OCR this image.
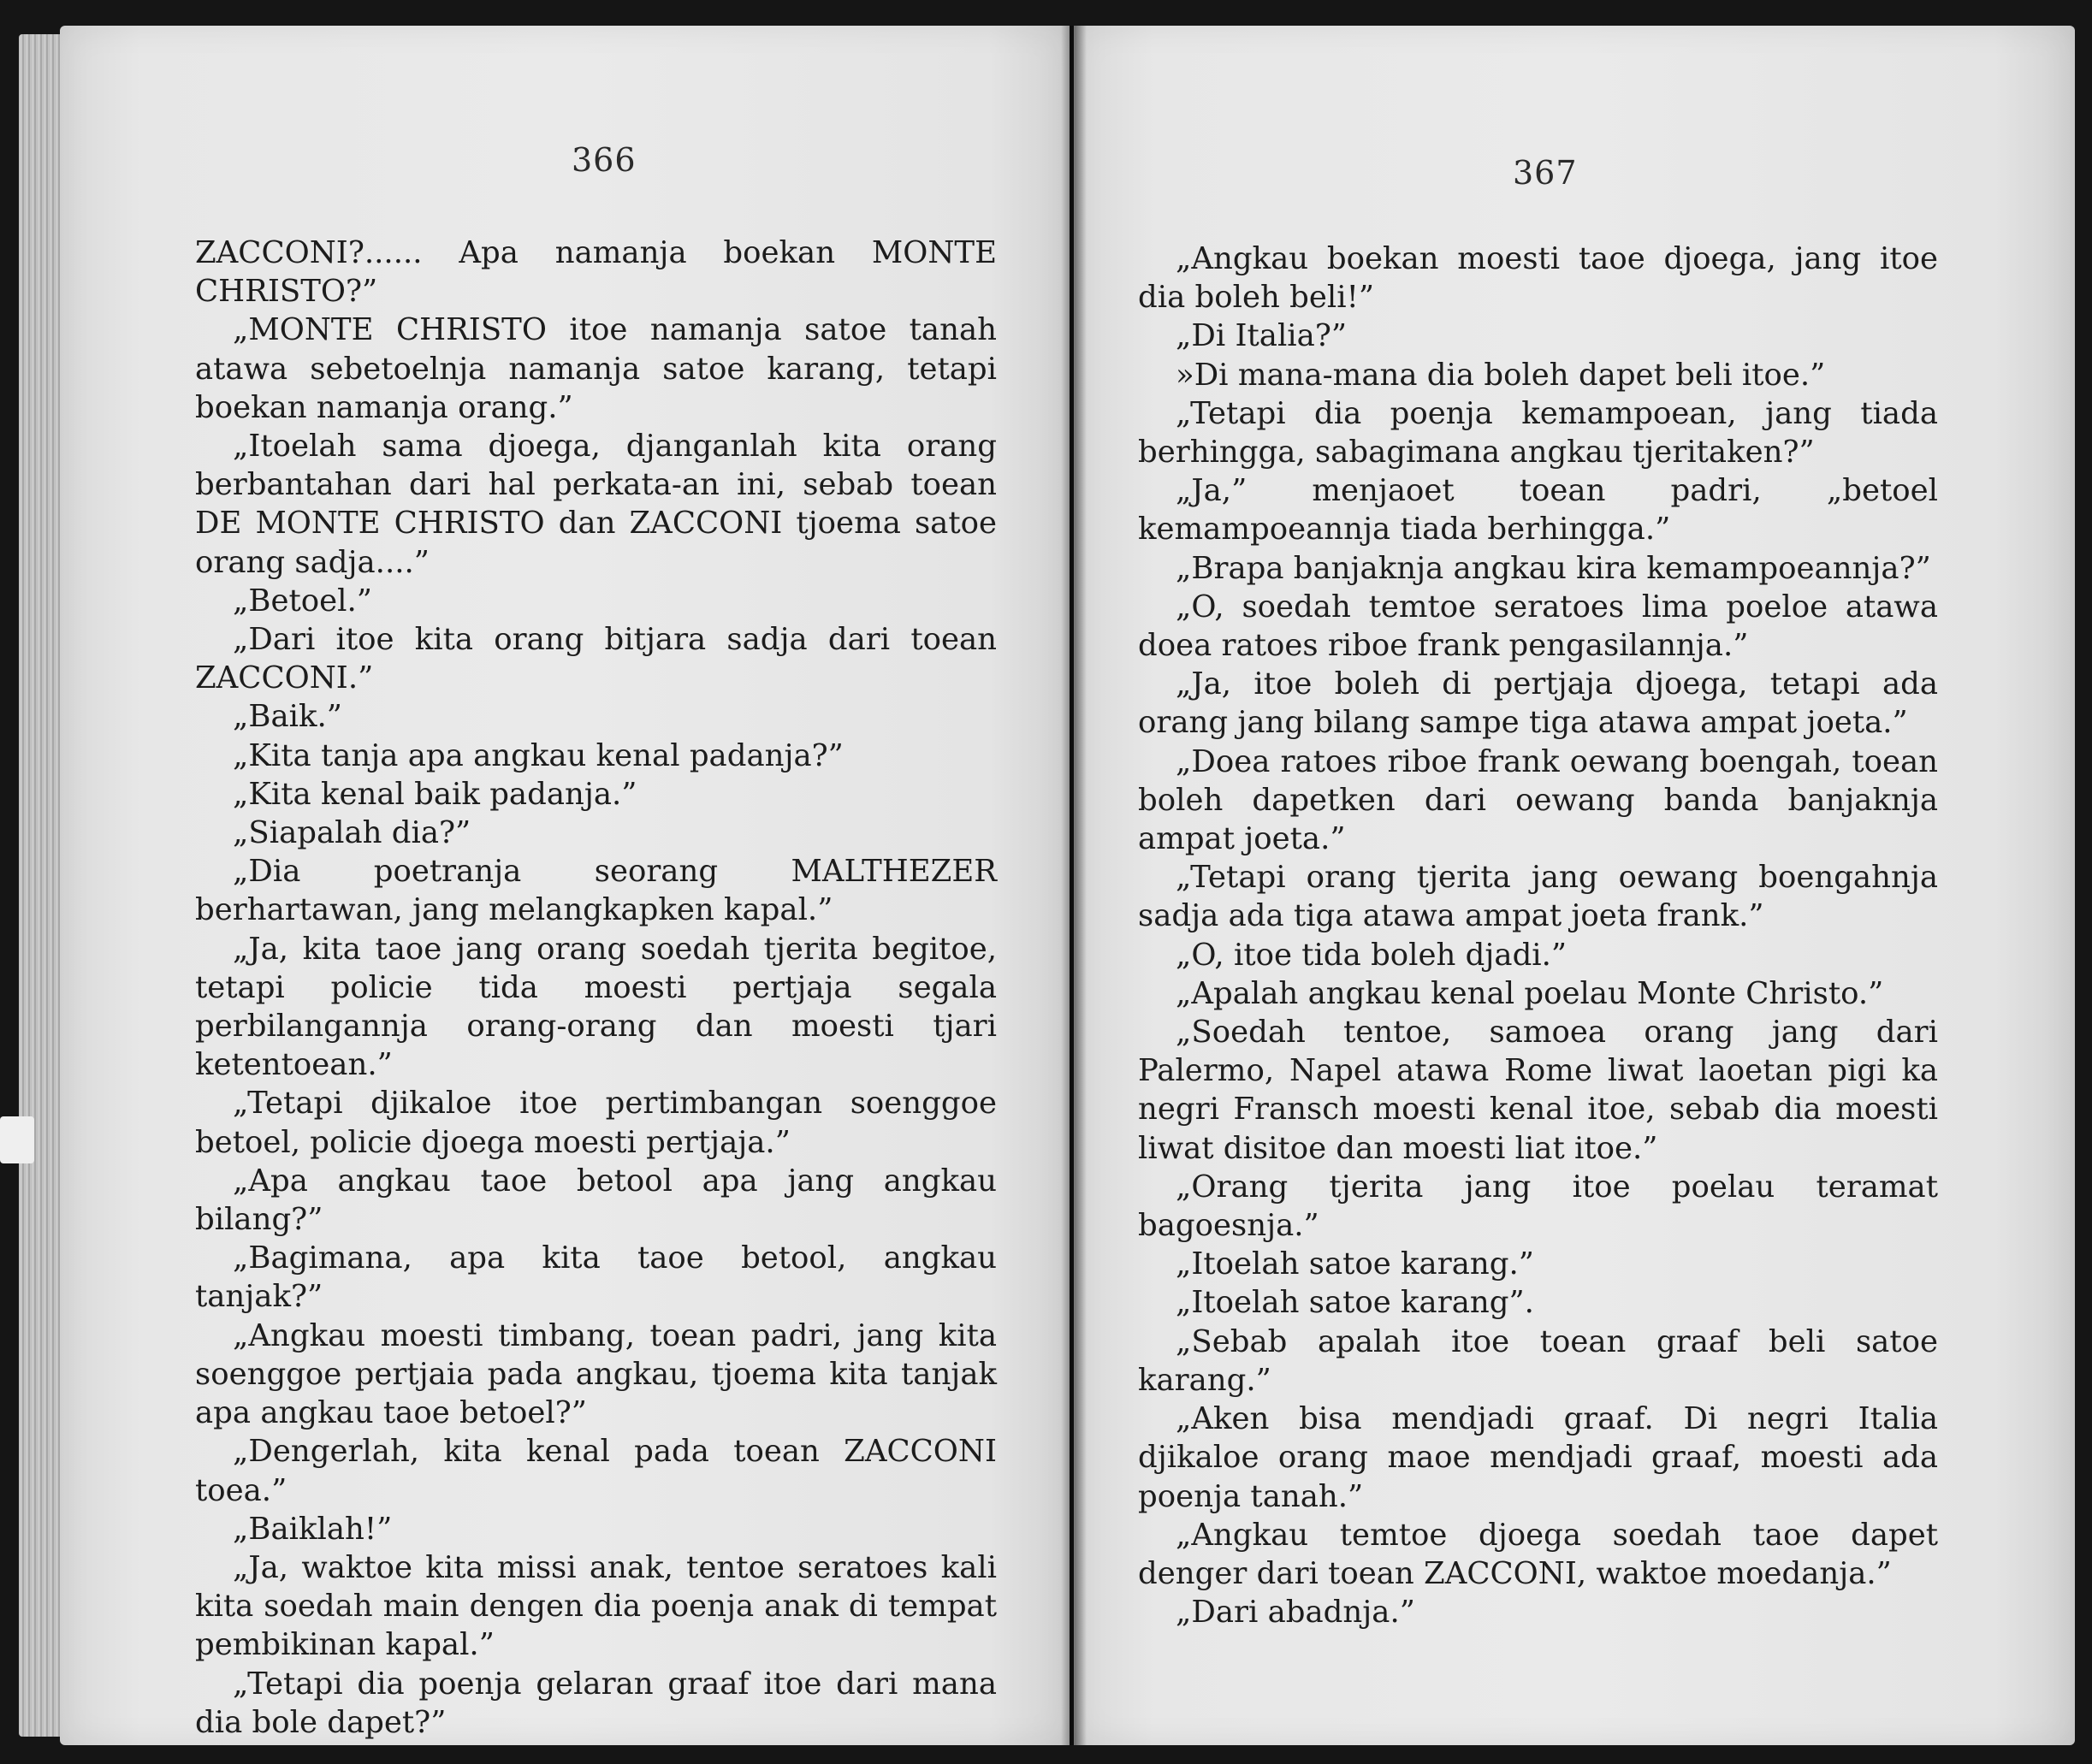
366	367

ZACCONI?...... Apa namanja boekan MONTE CHRISTO?”

„MONTE CHRISTO itoe namanja satoe tanah atawa sebetoelnja namanja satoe karang, tetapi boekan namanja orang.”

„Itoelah sama djoega, djanganlah kita orang berbantahan dari hal perkata-an ini, sebab toean DE MONTE CHRISTO dan ZACCONI tjoema satoe orang sadja....”

„Betoel.”

„Dari itoe kita orang bitjara sadja dari toean ZACCONI.”

„Baik.”

„Kita tanja apa angkau kenal padanja?”

„Kita kenal baik padanja.”

„Siapalah dia?”

„Dia poetranja seorang MALTHEZER berhartawan, jang melangkapken kapal.”

„Ja, kita taoe jang orang soedah tjerita begitoe, tetapi policie tida moesti pertjaja segala perbilangannja orang-orang dan moesti tjari ketentoean.”

„Tetapi djikaloe itoe pertimbangan soenggoe betoel, policie djoega moesti pertjaja.”

„Apa angkau taoe betool apa jang angkau bilang?”

„Bagimana, apa kita taoe betool, angkau tanjak?”

„Angkau moesti timbang, toean padri, jang kita soenggoe pertjaia pada angkau, tjoema kita tanjak apa angkau taoe betoel?”

„Dengerlah, kita kenal pada toean ZACCONI toea.”

„Baiklah!”

„Ja, waktoe kita missi anak, tentoe seratoes kali kita soedah main dengen dia poenja anak di tempat pembikinan kapal.”

„Tetapi dia poenja gelaran graaf itoe dari mana dia bole dapet?”

„Angkau boekan moesti taoe djoega, jang itoe dia boleh beli!”

„Di Italia?”

»Di mana-mana dia boleh dapet beli itoe.”

„Tetapi dia poenja kemampoean, jang tiada berhingga, sabagimana angkau tjeritaken?”

„Ja,” menjaoet toean padri, „betoel kemampoeannja tiada berhingga.”

„Brapa banjaknja angkau kira kemampoeannja?”

„O, soedah temtoe seratoes lima poeloe atawa doea ratoes riboe frank pengasilannja.”

„Ja, itoe boleh di pertjaja djoega, tetapi ada orang jang bilang sampe tiga atawa ampat joeta.”

„Doea ratoes riboe frank oewang boengah, toean boleh dapetken dari oewang banda banjaknja ampat joeta.”

„Tetapi orang tjerita jang oewang boengahnja sadja ada tiga atawa ampat joeta frank.”

„O, itoe tida boleh djadi.”

„Apalah angkau kenal poelau Monte Christo.”

„Soedah tentoe, samoea orang jang dari Palermo, Napel atawa Rome liwat laoetan pigi ka negri Fransch moesti kenal itoe, sebab dia moesti liwat disitoe dan moesti liat itoe.”

„Orang tjerita jang itoe poelau teramat bagoesnja.”

„Itoelah satoe karang.”

„Itoelah satoe karang”.

„Sebab apalah itoe toean graaf beli satoe karang.”

„Aken bisa mendjadi graaf. Di negri Italia djikaloe orang maoe mendjadi graaf, moesti ada poenja tanah.”

„Angkau temtoe djoega soedah taoe dapet denger dari toean ZACCONI, waktoe moedanja.”

„Dari abadnja.”
